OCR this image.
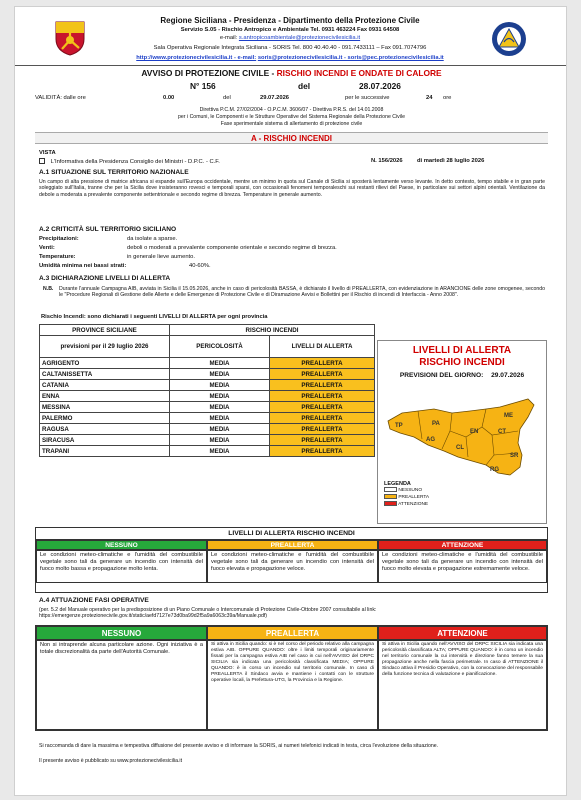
Regione Siciliana - Presidenza - Dipartimento della Protezione Civile
Servizio S.05 - Rischio Antropico e Ambientale Tel. 0931 463224 Fax 0931 64508
e-mail: s.antropicoambientale@protezionecivilesicilia.it
Sala Operativa Regionale Integrata Siciliana - SORIS Tel. 800 40.40.40 - 091.7433111 – Fax 091.7074796
http://www.protezionecivilesicilia.it - e-mail: soris@protezionecivilesicilia.it - soris@pec.protezionecivilesicilia.it
AVVISO DI PROTEZIONE CIVILE - RISCHIO INCENDI E ONDATE DI CALORE
N° 156	del	28.07.2026
VALIDITÀ: dalle ore	0.00	del	29.07.2026	per le successive	24 ore
Direttiva P.C.M. 27/02/2004 - O.P.C.M. 3606/07 - Direttiva P.R.S. del 14.01.2008
per i Comuni, le Componenti e le Strutture Operative del Sistema Regionale della Protezione Civile
Fase sperimentale sistema di allertamento di protezione civile
A - RISCHIO INCENDI
VISTA
L'Informativa della Presidenza Consiglio dei Ministri - D.P.C. - C.F.	N. 156/2026 di martedì 28 luglio 2026
A.1 SITUAZIONE SUL TERRITORIO NAZIONALE
Un campo di alta pressione di matrice africana si espande sull'Europa occidentale, mentre un minimo in quota sul Canale di Sicilia si sposterà lentamente verso levante. In detto contesto, tempo stabile e in gran parte soleggiato sull'Italia, tranne che per la Sicilia dove insisteranno rovesci e temporali sparsi, con occasionali fenomeni temporaleschi sui restanti rilievi del Paese, in particolare sui settori alpini orientali. Ventilazione da debole a moderata a prevalente componente settentrionale e secondo regime di brezza. Temperature in generale aumento.
A.2 CRITICITÀ SUL TERRITORIO SICILIANO
Precipitazioni:	da isolate a sparse.
Venti:	deboli o moderati a prevalente componente orientale e secondo regime di brezza.
Temperature:	in generale lieve aumento.
Umidità minima nei bassi strati:	40-60%.
A.3 DICHIARAZIONE LIVELLI DI ALLERTA
N.B. Durante l'annuale Campagna AIB, avviata in Sicilia il 15.05.2026, anche in caso di pericolosità BASSA, è dichiarato il livello di PREALLERTA, con evidenziazione in ARANCIONE delle zone omogenee, secondo le "Procedure Regionali di Gestione delle Allerte e delle Emergenze di Protezione Civile e di Diramazione Avvisi e Bollettini per il Rischio di incendi di Interfaccia - Anno 2008".
Rischio Incendi: sono dichiarati i seguenti LIVELLI DI ALLERTA per ogni provincia
PROVINCE SICILIANE	RISCHIO INCENDI	
previsioni per il 29 luglio 2026	PERICOLOSITÀ	LIVELLI DI ALLERTA
AGRIGENTO	MEDIA	PREALLERTA
CALTANISSETTA	MEDIA	PREALLERTA
CATANIA	MEDIA	PREALLERTA
ENNA	MEDIA	PREALLERTA
MESSINA	MEDIA	PREALLERTA
PALERMO	MEDIA	PREALLERTA
RAGUSA	MEDIA	PREALLERTA
SIRACUSA	MEDIA	PREALLERTA
TRAPANI	MEDIA	PREALLERTA
LIVELLI DI ALLERTA
RISCHIO INCENDI
PREVISIONI DEL GIORNO: 29.07.2026
TP	PA
ME
AG
EN	CT
CL
SR
RG
LEGENDA
NESSUNO
PREALLERTA
ATTENZIONE
LIVELLI DI ALLERTA RISCHIO INCENDI
NESSUNO
Le condizioni meteo-climatiche e l'umidità del combustibile vegetale sono tali da generare un incendio con intensità del fuoco molto bassa e propagazione molto lenta.
PREALLERTA
Le condizioni meteo-climatiche e l'umidità del combustibile vegetale sono tali da generare un incendio con intensità del fuoco elevata e propagazione veloce.
ATTENZIONE
Le condizioni meteo-climatiche e l'umidità del combustibile vegetale sono tali da generare un incendio con intensità del fuoco molto elevata e propagazione estremamente veloce.
A.4 ATTUAZIONE FASI OPERATIVE
(per. 5.2 del Manuale operativo per la predisposizione di un Piano Comunale o Intercomunale di Protezione Civile-Ottobre 2007 consultabile al link: https://emergenze.protezionecivile.gov.it/static/aefd7127e73d0ba99d2f5a9a6063c39a/Manuale.pdf)
NESSUNO
Non si intraprende alcuna particolare azione. Ogni iniziativa è a totale discrezionalità da parte dell'Autorità Comunale.
PREALLERTA
Si attiva in Sicilia quando: si è nel corso del periodo relativo alla campagna estiva AIB. OPPURE QUANDO: oltre i limiti temporali originariamente fissati per la campagna estiva AIB nel caso in cui nell'AVVISO del DRPC SICILIA sia indicata una pericolosità classificata MEDIA; OPPURE QUANDO: è in corso un incendio sul territorio comunale. In caso di PREALLERTA il Sindaco avvia e mantiene i contatti con le strutture operative locali, la Prefettura-UTG, la Provincia e la Regione.
ATTENZIONE
Si attiva in Sicilia quando nell'AVVISO del DRPC SICILIA sia indicata una pericolosità classificata ALTA; OPPURE QUANDO: è in corso un incendio nel territorio comunale la cui intensità e direzione fanno temere la sua propagazione anche nella fascia perimetrale. In caso di ATTENZIONE il Sindaco attiva il Presidio Operativo, con la convocazione del responsabile della funzione tecnica di valutazione e pianificazione.
Si raccomanda di dare la massima e tempestiva diffusione del presente avviso e di informare la SORIS, ai numeri telefonici indicati in testa, circa l'evoluzione della situazione.
Il presente avviso è pubblicato su www.protezionecivilesicilia.it
